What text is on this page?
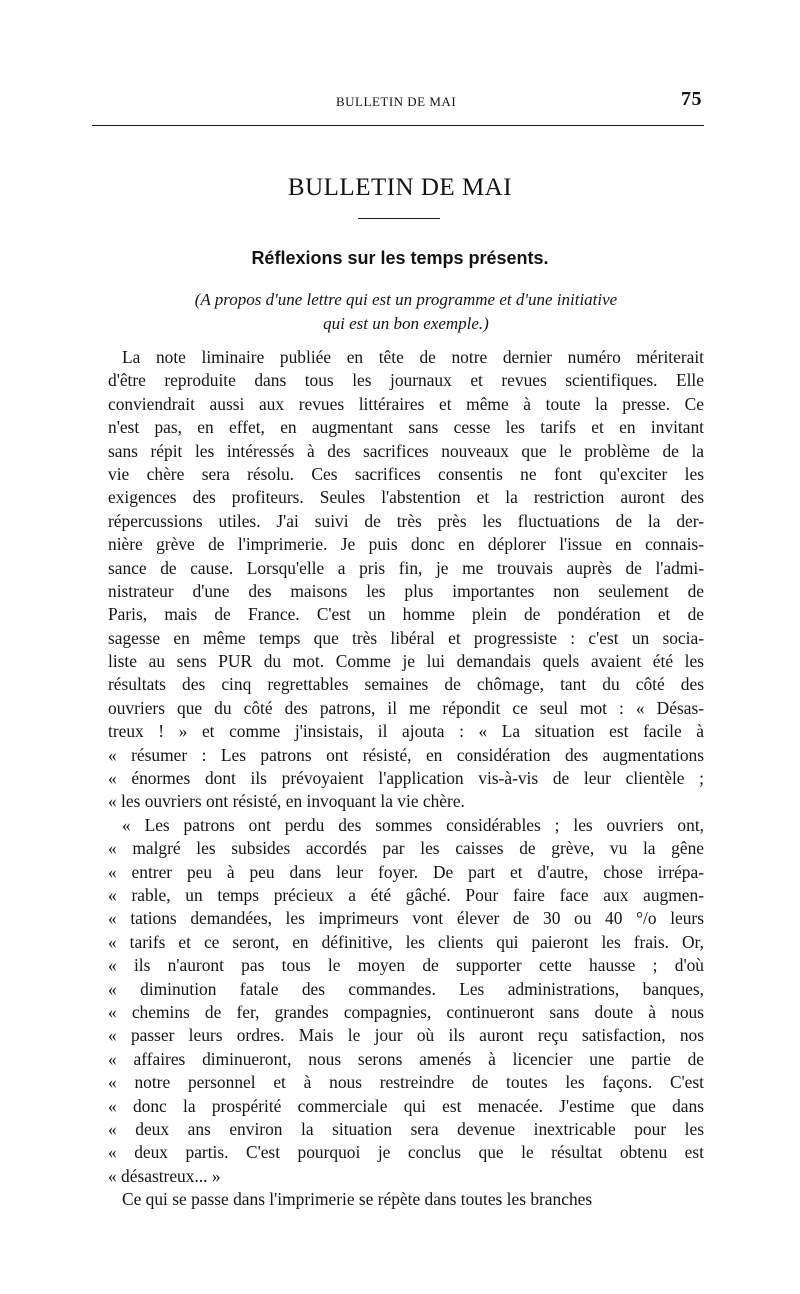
BULLETIN DE MAI	75
BULLETIN DE MAI
Réflexions sur les temps présents.
(A propos d'une lettre qui est un programme et d'une initiative
qui est un bon exemple.)
La note liminaire publiée en tête de notre dernier numéro mériterait
d'être reproduite dans tous les journaux et revues scientifiques. Elle
conviendrait aussi aux revues littéraires et même à toute la presse. Ce
n'est pas, en effet, en augmentant sans cesse les tarifs et en invitant
sans répit les intéressés à des sacrifices nouveaux que le problème de la
vie chère sera résolu. Ces sacrifices consentis ne font qu'exciter les
exigences des profiteurs. Seules l'abstention et la restriction auront des
répercussions utiles. J'ai suivi de très près les fluctuations de la der-
nière grève de l'imprimerie. Je puis donc en déplorer l'issue en connais-
sance de cause. Lorsqu'elle a pris fin, je me trouvais auprès de l'admi-
nistrateur d'une des maisons les plus importantes non seulement de
Paris, mais de France. C'est un homme plein de pondération et de
sagesse en même temps que très libéral et progressiste : c'est un socia-
liste au sens PUR du mot. Comme je lui demandais quels avaient été les
résultats des cinq regrettables semaines de chômage, tant du côté des
ouvriers que du côté des patrons, il me répondit ce seul mot : « Désas-
treux ! » et comme j'insistais, il ajouta : « La situation est facile à
« résumer : Les patrons ont résisté, en considération des augmentations
« énormes dont ils prévoyaient l'application vis-à-vis de leur clientèle ;
« les ouvriers ont résisté, en invoquant la vie chère.
« Les patrons ont perdu des sommes considérables ; les ouvriers ont,
« malgré les subsides accordés par les caisses de grève, vu la gêne
« entrer peu à peu dans leur foyer. De part et d'autre, chose irrépa-
« rable, un temps précieux a été gâché. Pour faire face aux augmen-
« tations demandées, les imprimeurs vont élever de 30 ou 40 °/o leurs
« tarifs et ce seront, en définitive, les clients qui paieront les frais. Or,
« ils n'auront pas tous le moyen de supporter cette hausse ; d'où
« diminution fatale des commandes. Les administrations, banques,
« chemins de fer, grandes compagnies, continueront sans doute à nous
« passer leurs ordres. Mais le jour où ils auront reçu satisfaction, nos
« affaires diminueront, nous serons amenés à licencier une partie de
« notre personnel et à nous restreindre de toutes les façons. C'est
« donc la prospérité commerciale qui est menacée. J'estime que dans
« deux ans environ la situation sera devenue inextricable pour les
« deux partis. C'est pourquoi je conclus que le résultat obtenu est
« désastreux... »
Ce qui se passe dans l'imprimerie se répète dans toutes les branches
